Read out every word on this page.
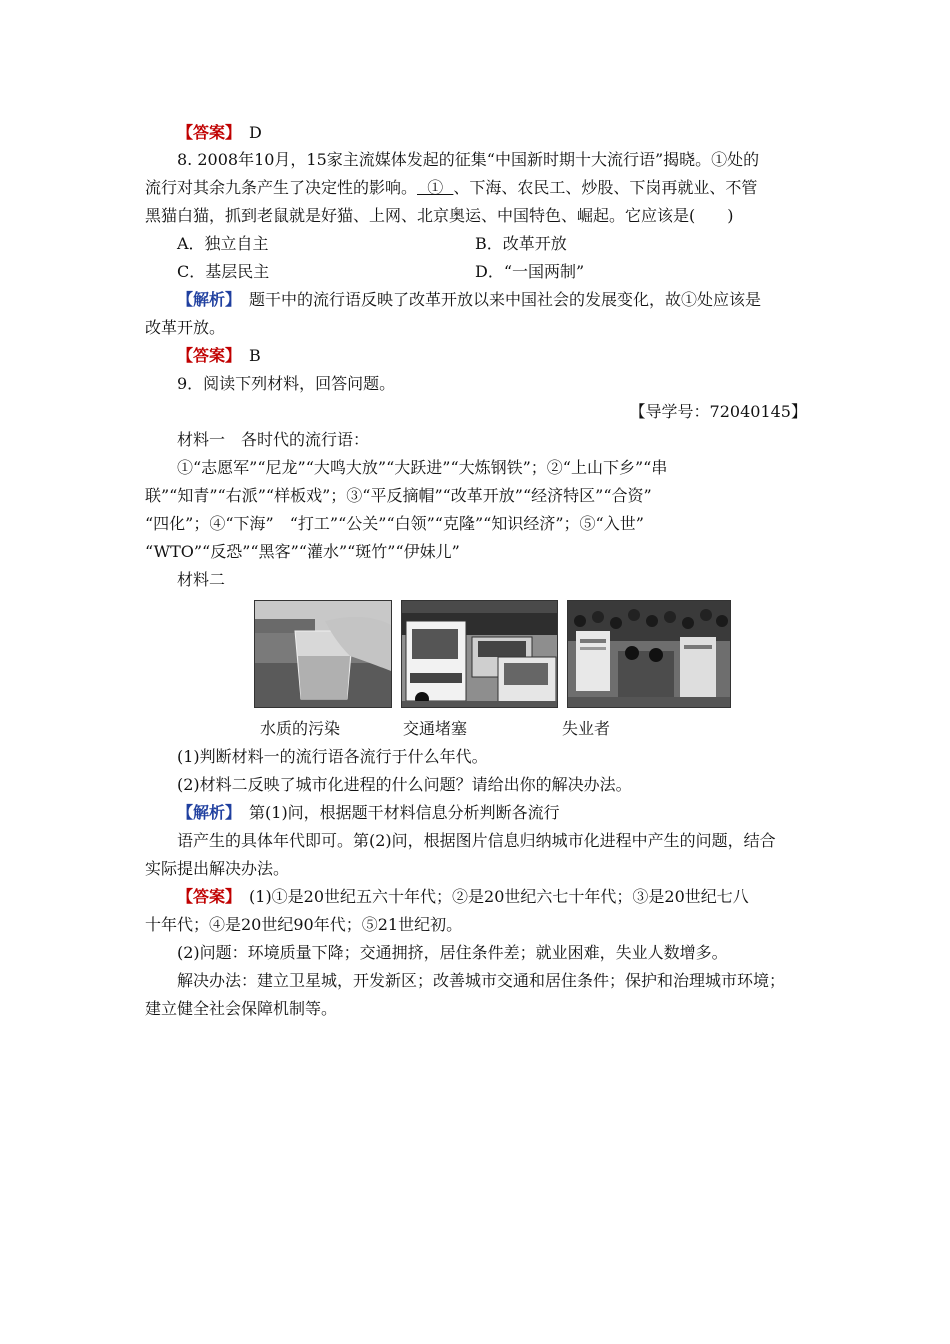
【答案】　 D
8. 2008年10月，15家主流媒体发起的征集“中国新时期十大流行语”揭晓。①处的
流行对其余九条产生了决定性的影响。  ①  、下海、农民工、炒股、下岗再就业、不管
黑猫白猫，抓到老鼠就是好猫、上网、北京奥运、中国特色、崛起。它应该是(　　)
A．独立自主	B．改革开放
C．基层民主	D．“一国两制”
【解析】　题干中的流行语反映了改革开放以来中国社会的发展变化，故①处应该是
改革开放。
【答案】　 B
9．阅读下列材料，回答问题。
【导学号：72040145】
材料一　各时代的流行语：
①“志愿军”“尼龙”“大鸣大放”“大跃进”“大炼钢铁”；②“上山下乡”“串
联”“知青”“右派”“样板戏”；③“平反摘帽”“改革开放”“经济特区”“合资”
“四化”；④“下海”　“打工”“公关”“白领”“克隆”“知识经济”；⑤“入世”
“WTO”“反恐”“黑客”“灌水”“斑竹”“伊妹儿”
材料二
水质的污染	交通堵塞	失业者
(1)判断材料一的流行语各流行于什么年代。
(2)材料二反映了城市化进程的什么问题？请给出你的解决办法。
【解析】　第(1)问，根据题干材料信息分析判断各流行
语产生的具体年代即可。第(2)问，根据图片信息归纳城市化进程中产生的问题，结合
实际提出解决办法。
【答案】　(1)①是20世纪五六十年代；②是20世纪六七十年代；③是20世纪七八
十年代；④是20世纪90年代；⑤21世纪初。
(2)问题：环境质量下降；交通拥挤，居住条件差；就业困难，失业人数增多。
解决办法：建立卫星城，开发新区；改善城市交通和居住条件；保护和治理城市环境；
建立健全社会保障机制等。
